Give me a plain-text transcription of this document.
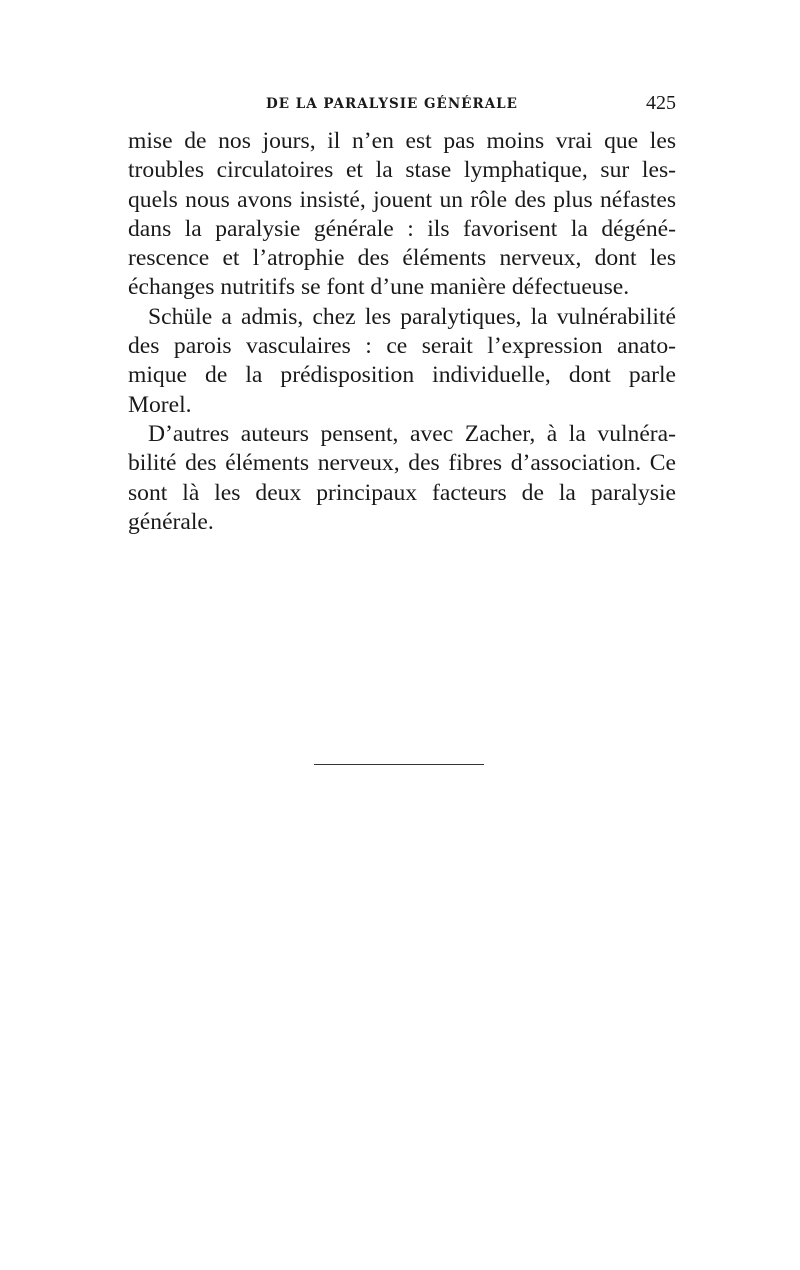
DE LA PARALYSIE GÉNÉRALE	425
mise de nos jours, il n’en est pas moins vrai que les
troubles circulatoires et la stase lymphatique, sur les-
quels nous avons insisté, jouent un rôle des plus néfastes
dans la paralysie générale : ils favorisent la dégéné-
rescence et l’atrophie des éléments nerveux, dont les
échanges nutritifs se font d’une manière défectueuse.
Schüle a admis, chez les paralytiques, la vulnérabilité
des parois vasculaires : ce serait l’expression anato-
mique de la prédisposition individuelle, dont parle
Morel.
D’autres auteurs pensent, avec Zacher, à la vulnéra-
bilité des éléments nerveux, des fibres d’association. Ce
sont là les deux principaux facteurs de la paralysie
générale.
